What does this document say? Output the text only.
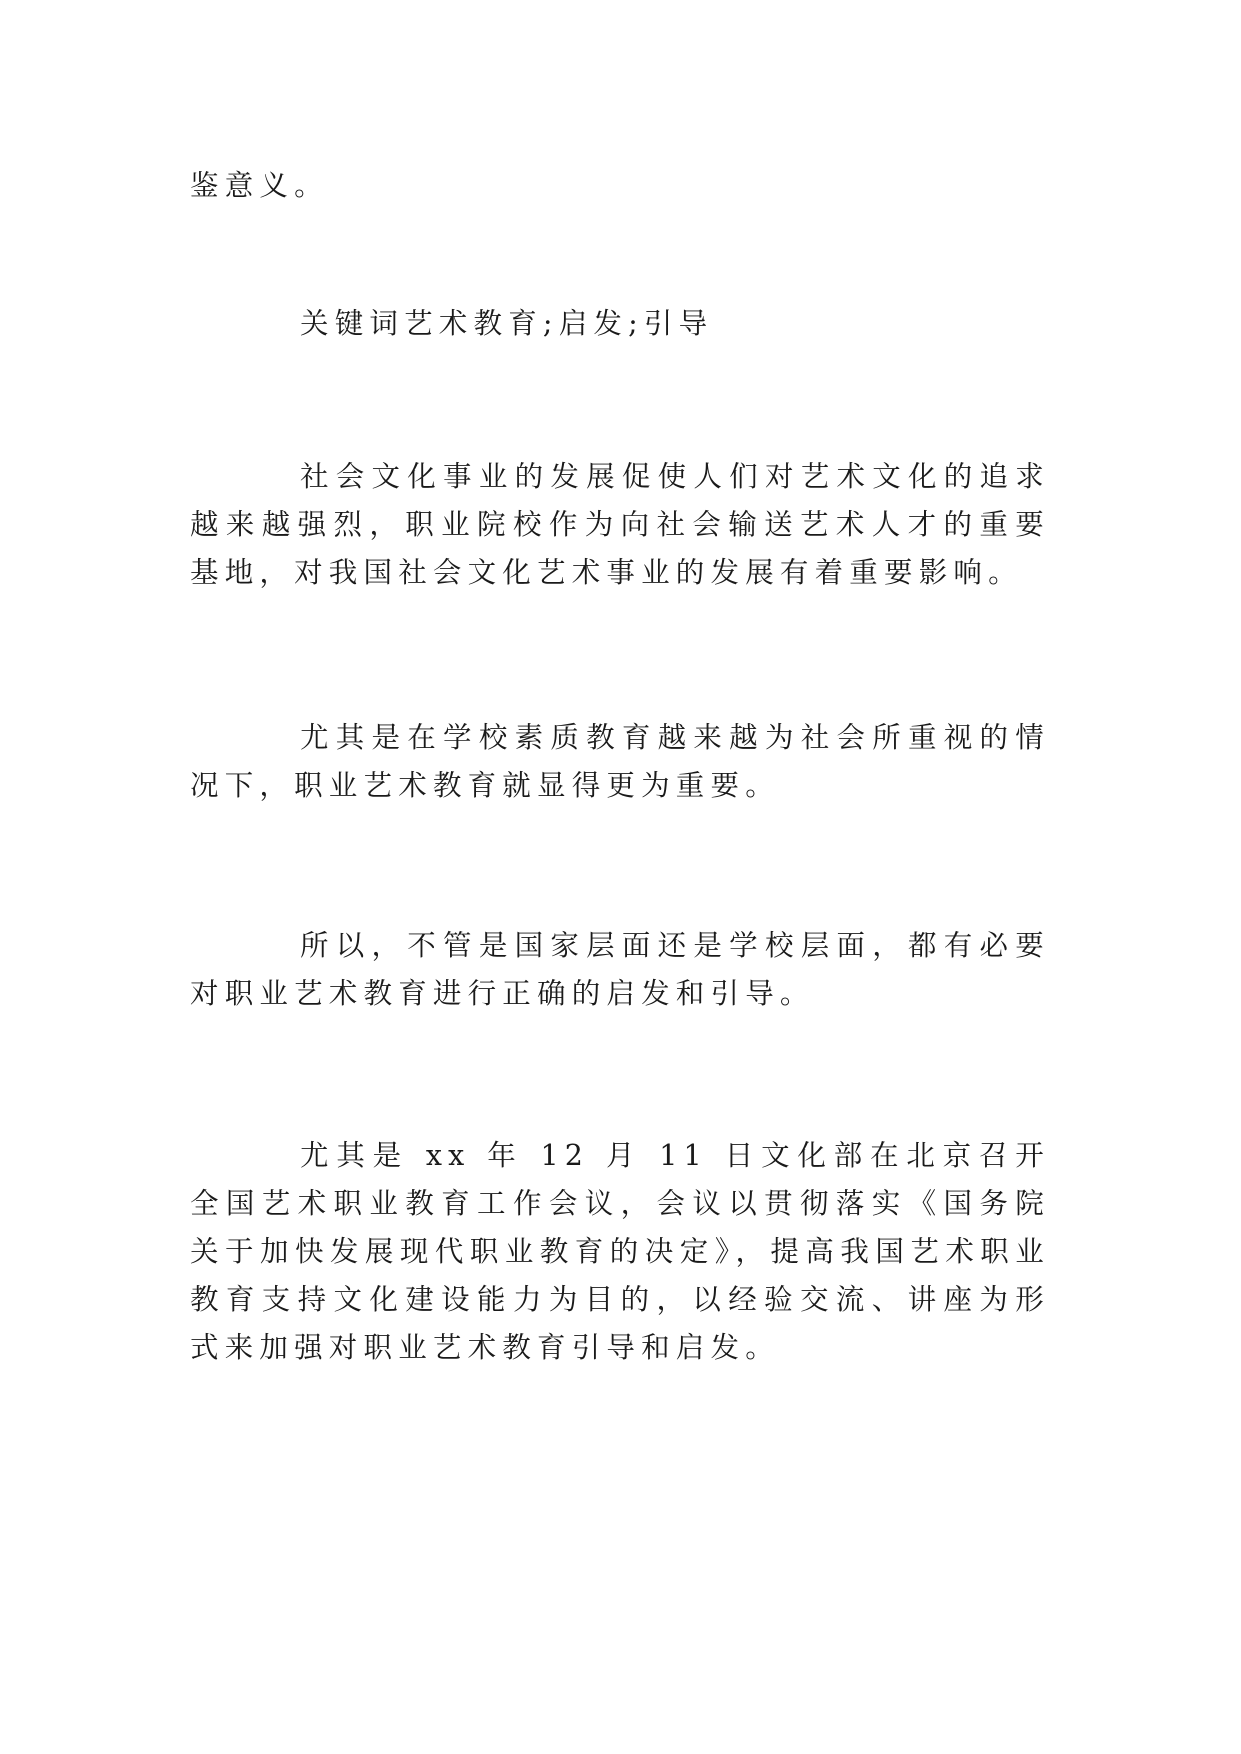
鉴意义。

关键词艺术教育;启发;引导

社会文化事业的发展促使人们对艺术文化的追求越来越强烈，职业院校作为向社会输送艺术人才的重要基地，对我国社会文化艺术事业的发展有着重要影响。

尤其是在学校素质教育越来越为社会所重视的情况下，职业艺术教育就显得更为重要。

所以，不管是国家层面还是学校层面，都有必要对职业艺术教育进行正确的启发和引导。

尤其是 xx 年 12 月 11 日文化部在北京召开全国艺术职业教育工作会议，会议以贯彻落实《国务院关于加快发展现代职业教育的决定》，提高我国艺术职业教育支持文化建设能力为目的，以经验交流、讲座为形式来加强对职业艺术教育引导和启发。
